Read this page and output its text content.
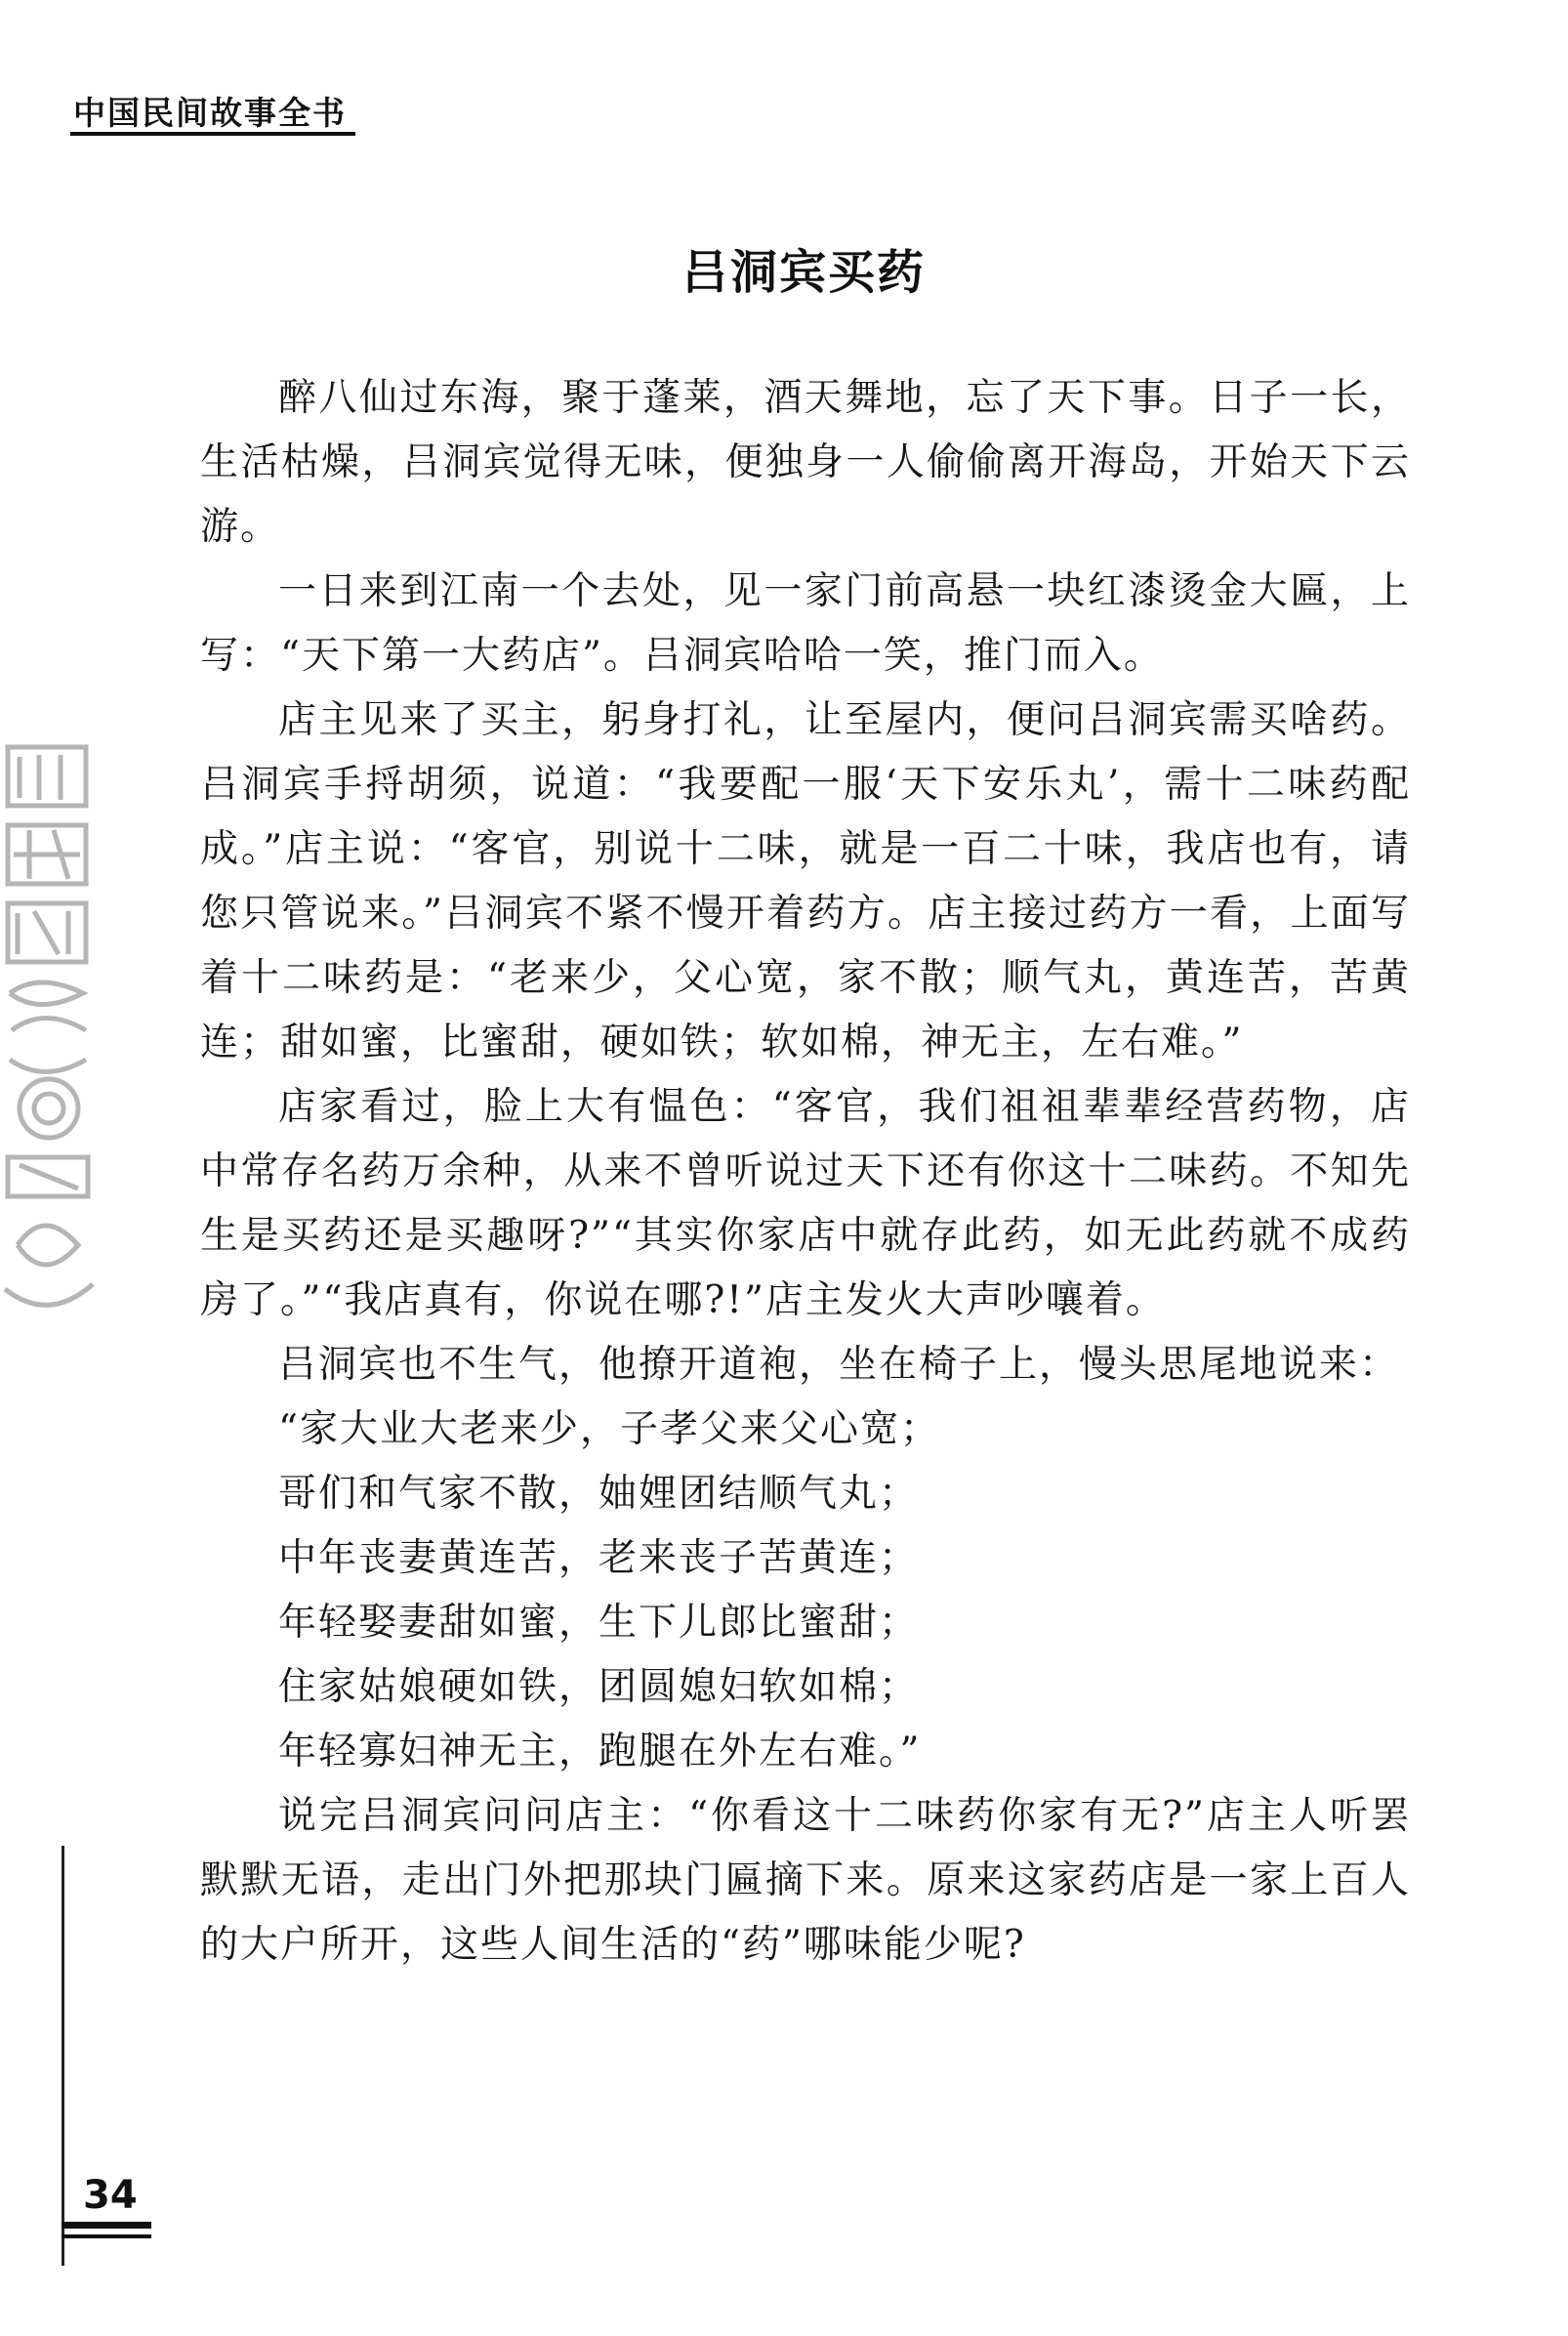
中国民间故事全书
吕洞宾买药

醉八仙过东海，聚于蓬莱，酒天舞地，忘了天下事。日子一长，生活枯燥，吕洞宾觉得无味，便独身一人偷偷离开海岛，开始天下云游。

一日来到江南一个去处，见一家门前高悬一块红漆烫金大匾，上写：“天下第一大药店”。吕洞宾哈哈一笑，推门而入。

店主见来了买主，躬身打礼，让至屋内，便问吕洞宾需买啥药。吕洞宾手捋胡须，说道：“我要配一服‘天下安乐丸’，需十二味药配成。”店主说：“客官，别说十二味，就是一百二十味，我店也有，请您只管说来。”吕洞宾不紧不慢开着药方。店主接过药方一看，上面写着十二味药是：“老来少，父心宽，家不散；顺气丸，黄连苦，苦黄连；甜如蜜，比蜜甜，硬如铁；软如棉，神无主，左右难。”

店家看过，脸上大有愠色：“客官，我们祖祖辈辈经营药物，店中常存名药万余种，从来不曾听说过天下还有你这十二味药。不知先生是买药还是买趣呀?”“其实你家店中就存此药，如无此药就不成药房了。”“我店真有，你说在哪?!”店主发火大声吵嚷着。

吕洞宾也不生气，他撩开道袍，坐在椅子上，慢头思尾地说来：

“家大业大老来少，子孝父来父心宽；

哥们和气家不散，妯娌团结顺气丸；

中年丧妻黄连苦，老来丧子苦黄连；

年轻娶妻甜如蜜，生下儿郎比蜜甜；

住家姑娘硬如铁，团圆媳妇软如棉；

年轻寡妇神无主，跑腿在外左右难。”

说完吕洞宾问问店主：“你看这十二味药你家有无?”店主人听罢默默无语，走出门外把那块门匾摘下来。原来这家药店是一家上百人的大户所开，这些人间生活的“药”哪味能少呢?

34
